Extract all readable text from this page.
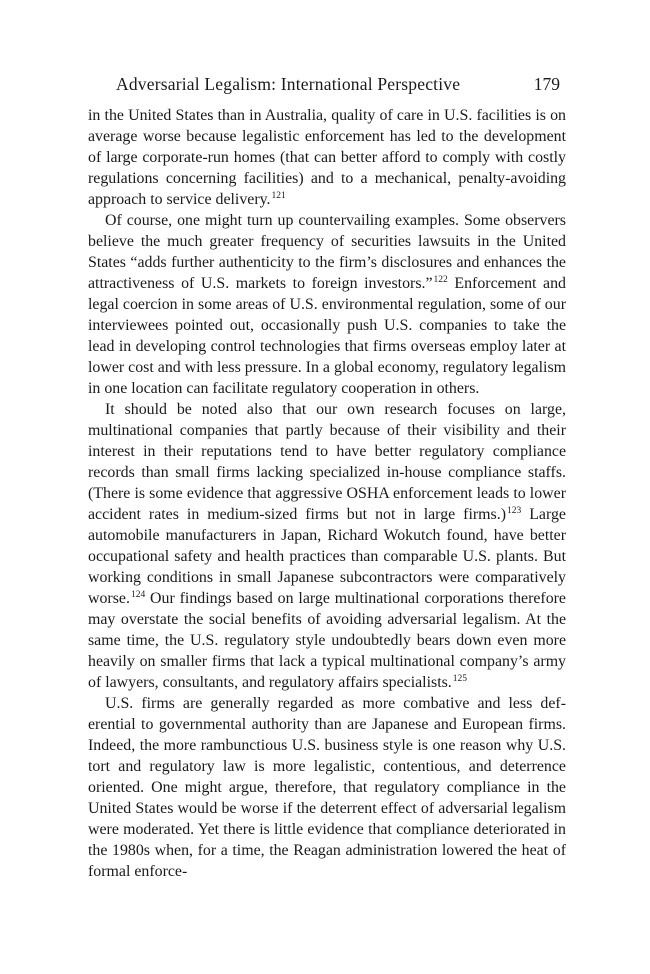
Adversarial Legalism: International Perspective	179

in the United States than in Australia, quality of care in U.S. facilities is on average worse because legalistic enforcement has led to the development of large corporate-run homes (that can better afford to comply with costly regulations concerning facilities) and to a mechanical, penalty-avoiding approach to service delivery.$^{121}$

Of course, one might turn up countervailing examples. Some observers believe the much greater frequency of securities lawsuits in the United States “adds further authenticity to the firm’s disclosures and enhances the attractiveness of U.S. markets to foreign investors.”$^{122}$ Enforcement and legal coercion in some areas of U.S. environmental regulation, some of our interviewees pointed out, occasionally push U.S. companies to take the lead in developing control technologies that firms overseas employ later at lower cost and with less pressure. In a global economy, regulatory legalism in one location can facilitate regulatory cooperation in others.

It should be noted also that our own research focuses on large, multinational companies that partly because of their visibility and their interest in their reputations tend to have better regulatory compliance records than small firms lacking specialized in-house compliance staffs. (There is some evidence that aggressive OSHA enforcement leads to lower accident rates in medium-sized firms but not in large firms.)$^{123}$ Large automobile manufacturers in Japan, Richard Wokutch found, have better occupational safety and health practices than comparable U.S. plants. But working conditions in small Japanese subcontractors were comparatively worse.$^{124}$ Our findings based on large multinational corporations therefore may overstate the social benefits of avoiding adversarial legalism. At the same time, the U.S. regulatory style undoubtedly bears down even more heavily on smaller firms that lack a typical multinational company’s army of lawyers, consultants, and regulatory affairs specialists.$^{125}$

U.S. firms are generally regarded as more combative and less deferential to governmental authority than are Japanese and European firms. Indeed, the more rambunctious U.S. business style is one reason why U.S. tort and regulatory law is more legalistic, contentious, and deterrence oriented. One might argue, therefore, that regulatory compliance in the United States would be worse if the deterrent effect of adversarial legalism were moderated. Yet there is little evidence that compliance deteriorated in the 1980s when, for a time, the Reagan administration lowered the heat of formal enforce-
